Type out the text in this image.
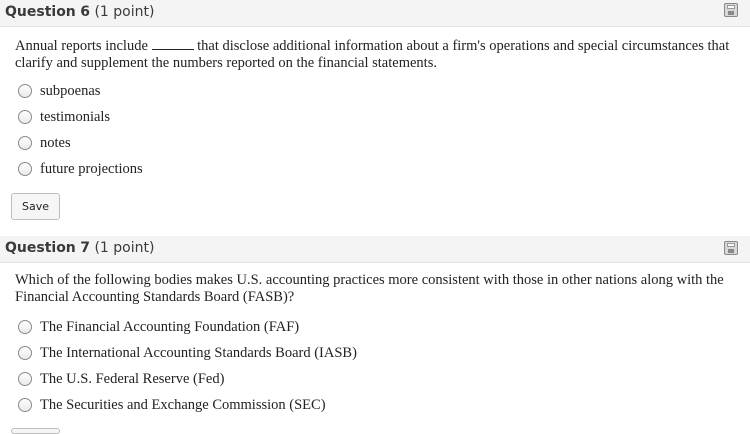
Question 6 (1 point)
Annual reports include	that disclose additional information about a firm's operations and special circumstances that clarify and supplement the numbers reported on the financial statements.
subpoenas
testimonials
notes
future projections
Save
Question 7 (1 point)
Which of the following bodies makes U.S. accounting practices more consistent with those in other nations along with the Financial Accounting Standards Board (FASB)?
The Financial Accounting Foundation (FAF)
The International Accounting Standards Board (IASB)
The U.S. Federal Reserve (Fed)
The Securities and Exchange Commission (SEC)
